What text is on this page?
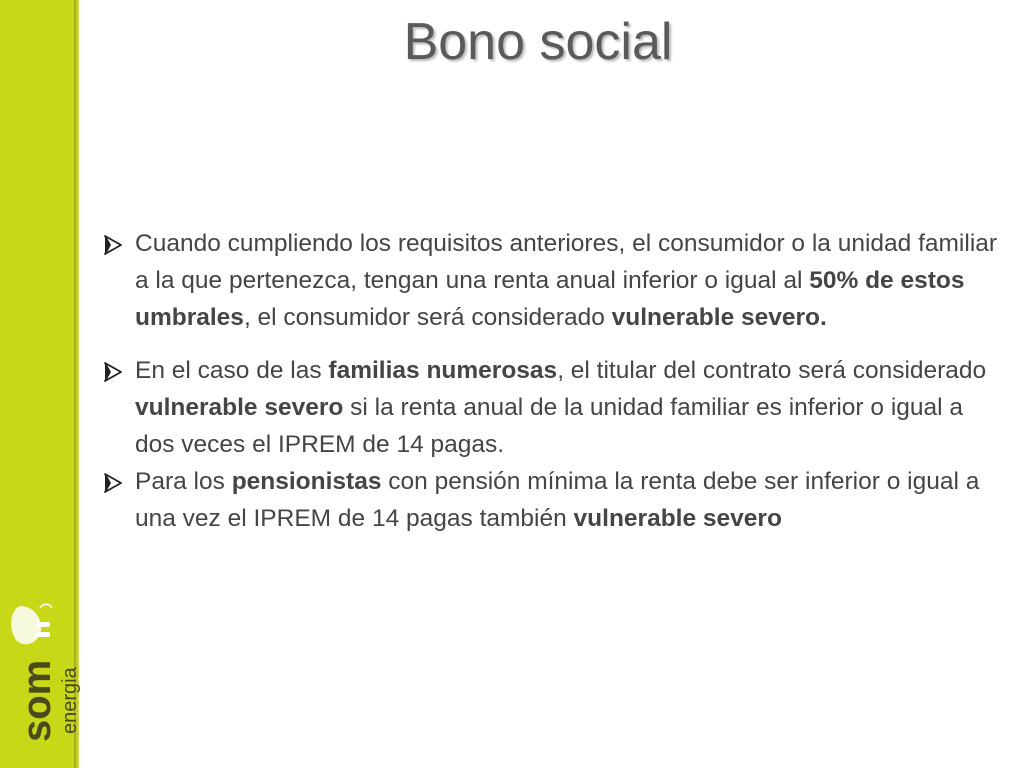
Bono social
Cuando cumpliendo los requisitos anteriores, el consumidor o la unidad familiar a la que pertenezca, tengan una renta anual inferior o igual al 50% de estos umbrales, el consumidor será considerado vulnerable severo.
En el caso de las familias numerosas, el titular del contrato será considerado vulnerable severo si la renta anual de la unidad familiar es inferior o igual a dos veces el IPREM de 14 pagas.
Para los pensionistas con pensión mínima la renta debe ser inferior o igual a una vez el IPREM de 14 pagas también vulnerable severo
som energia
